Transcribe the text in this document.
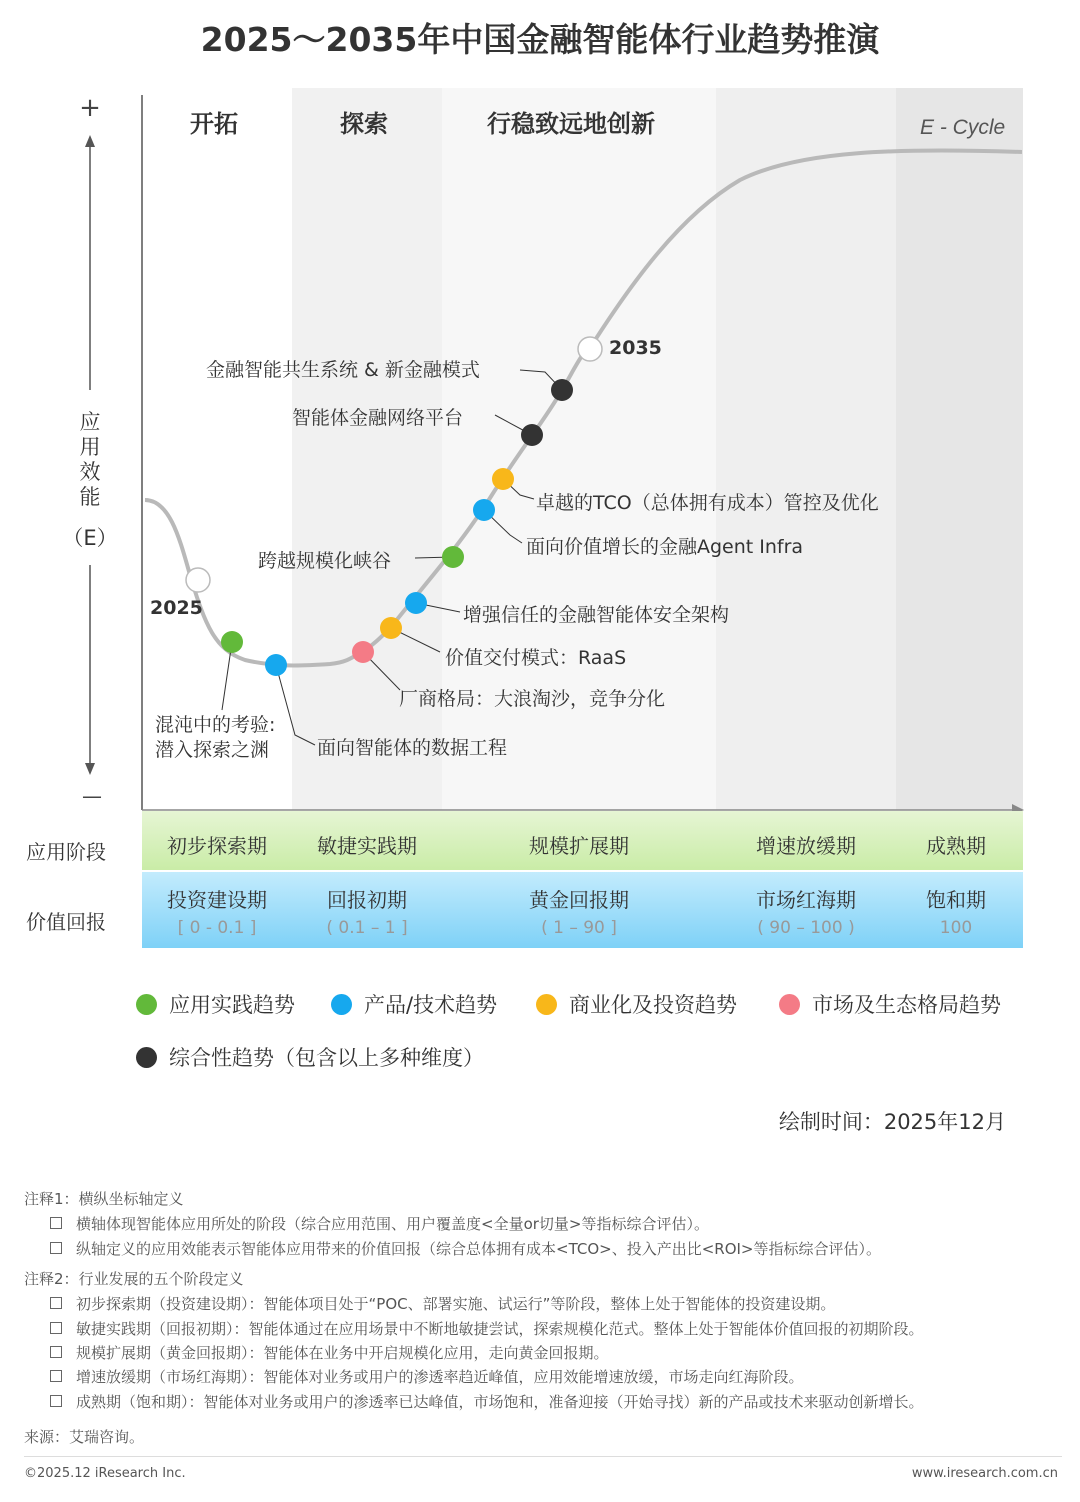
2025～2035年中国金融智能体行业趋势推演
+
—
开拓	探索	行稳致远地创新	E - Cycle
应
用
效
能
（E）
2025
2035
混沌中的考验:
潜入探索之渊	面向智能体的数据工程
厂商格局：大浪淘沙，竞争分化
价值交付模式：RaaS
增强信任的金融智能体安全架构
跨越规模化峡谷
面向价值增长的金融Agent Infra
卓越的TCO（总体拥有成本）管控及优化
智能体金融网络平台
金融智能共生系统 & 新金融模式
应用阶段
价值回报
初步探索期	敏捷实践期	规模扩展期	增速放缓期	成熟期
投资建设期	回报初期	黄金回报期	市场红海期	饱和期
[ 0 - 0.1 ]	( 0.1 – 1 ]	( 1 – 90 ]	( 90 – 100 )	100
应用实践趋势	产品/技术趋势	商业化及投资趋势	市场及生态格局趋势
综合性趋势（包含以上多种维度）
绘制时间：2025年12月
注释1：横纵坐标轴定义
横轴体现智能体应用所处的阶段（综合应用范围、用户覆盖度<全量or切量>等指标综合评估）。
纵轴定义的应用效能表示智能体应用带来的价值回报（综合总体拥有成本<TCO>、投入产出比<ROI>等指标综合评估）。
注释2：行业发展的五个阶段定义
初步探索期（投资建设期）：智能体项目处于“POC、部署实施、试运行”等阶段，整体上处于智能体的投资建设期。
敏捷实践期（回报初期）：智能体通过在应用场景中不断地敏捷尝试，探索规模化范式。整体上处于智能体价值回报的初期阶段。
规模扩展期（黄金回报期）：智能体在业务中开启规模化应用，走向黄金回报期。
增速放缓期（市场红海期）：智能体对业务或用户的渗透率趋近峰值，应用效能增速放缓，市场走向红海阶段。
成熟期（饱和期）：智能体对业务或用户的渗透率已达峰值，市场饱和，准备迎接（开始寻找）新的产品或技术来驱动创新增长。
来源：艾瑞咨询。
©2025.12 iResearch Inc.	www.iresearch.com.cn
